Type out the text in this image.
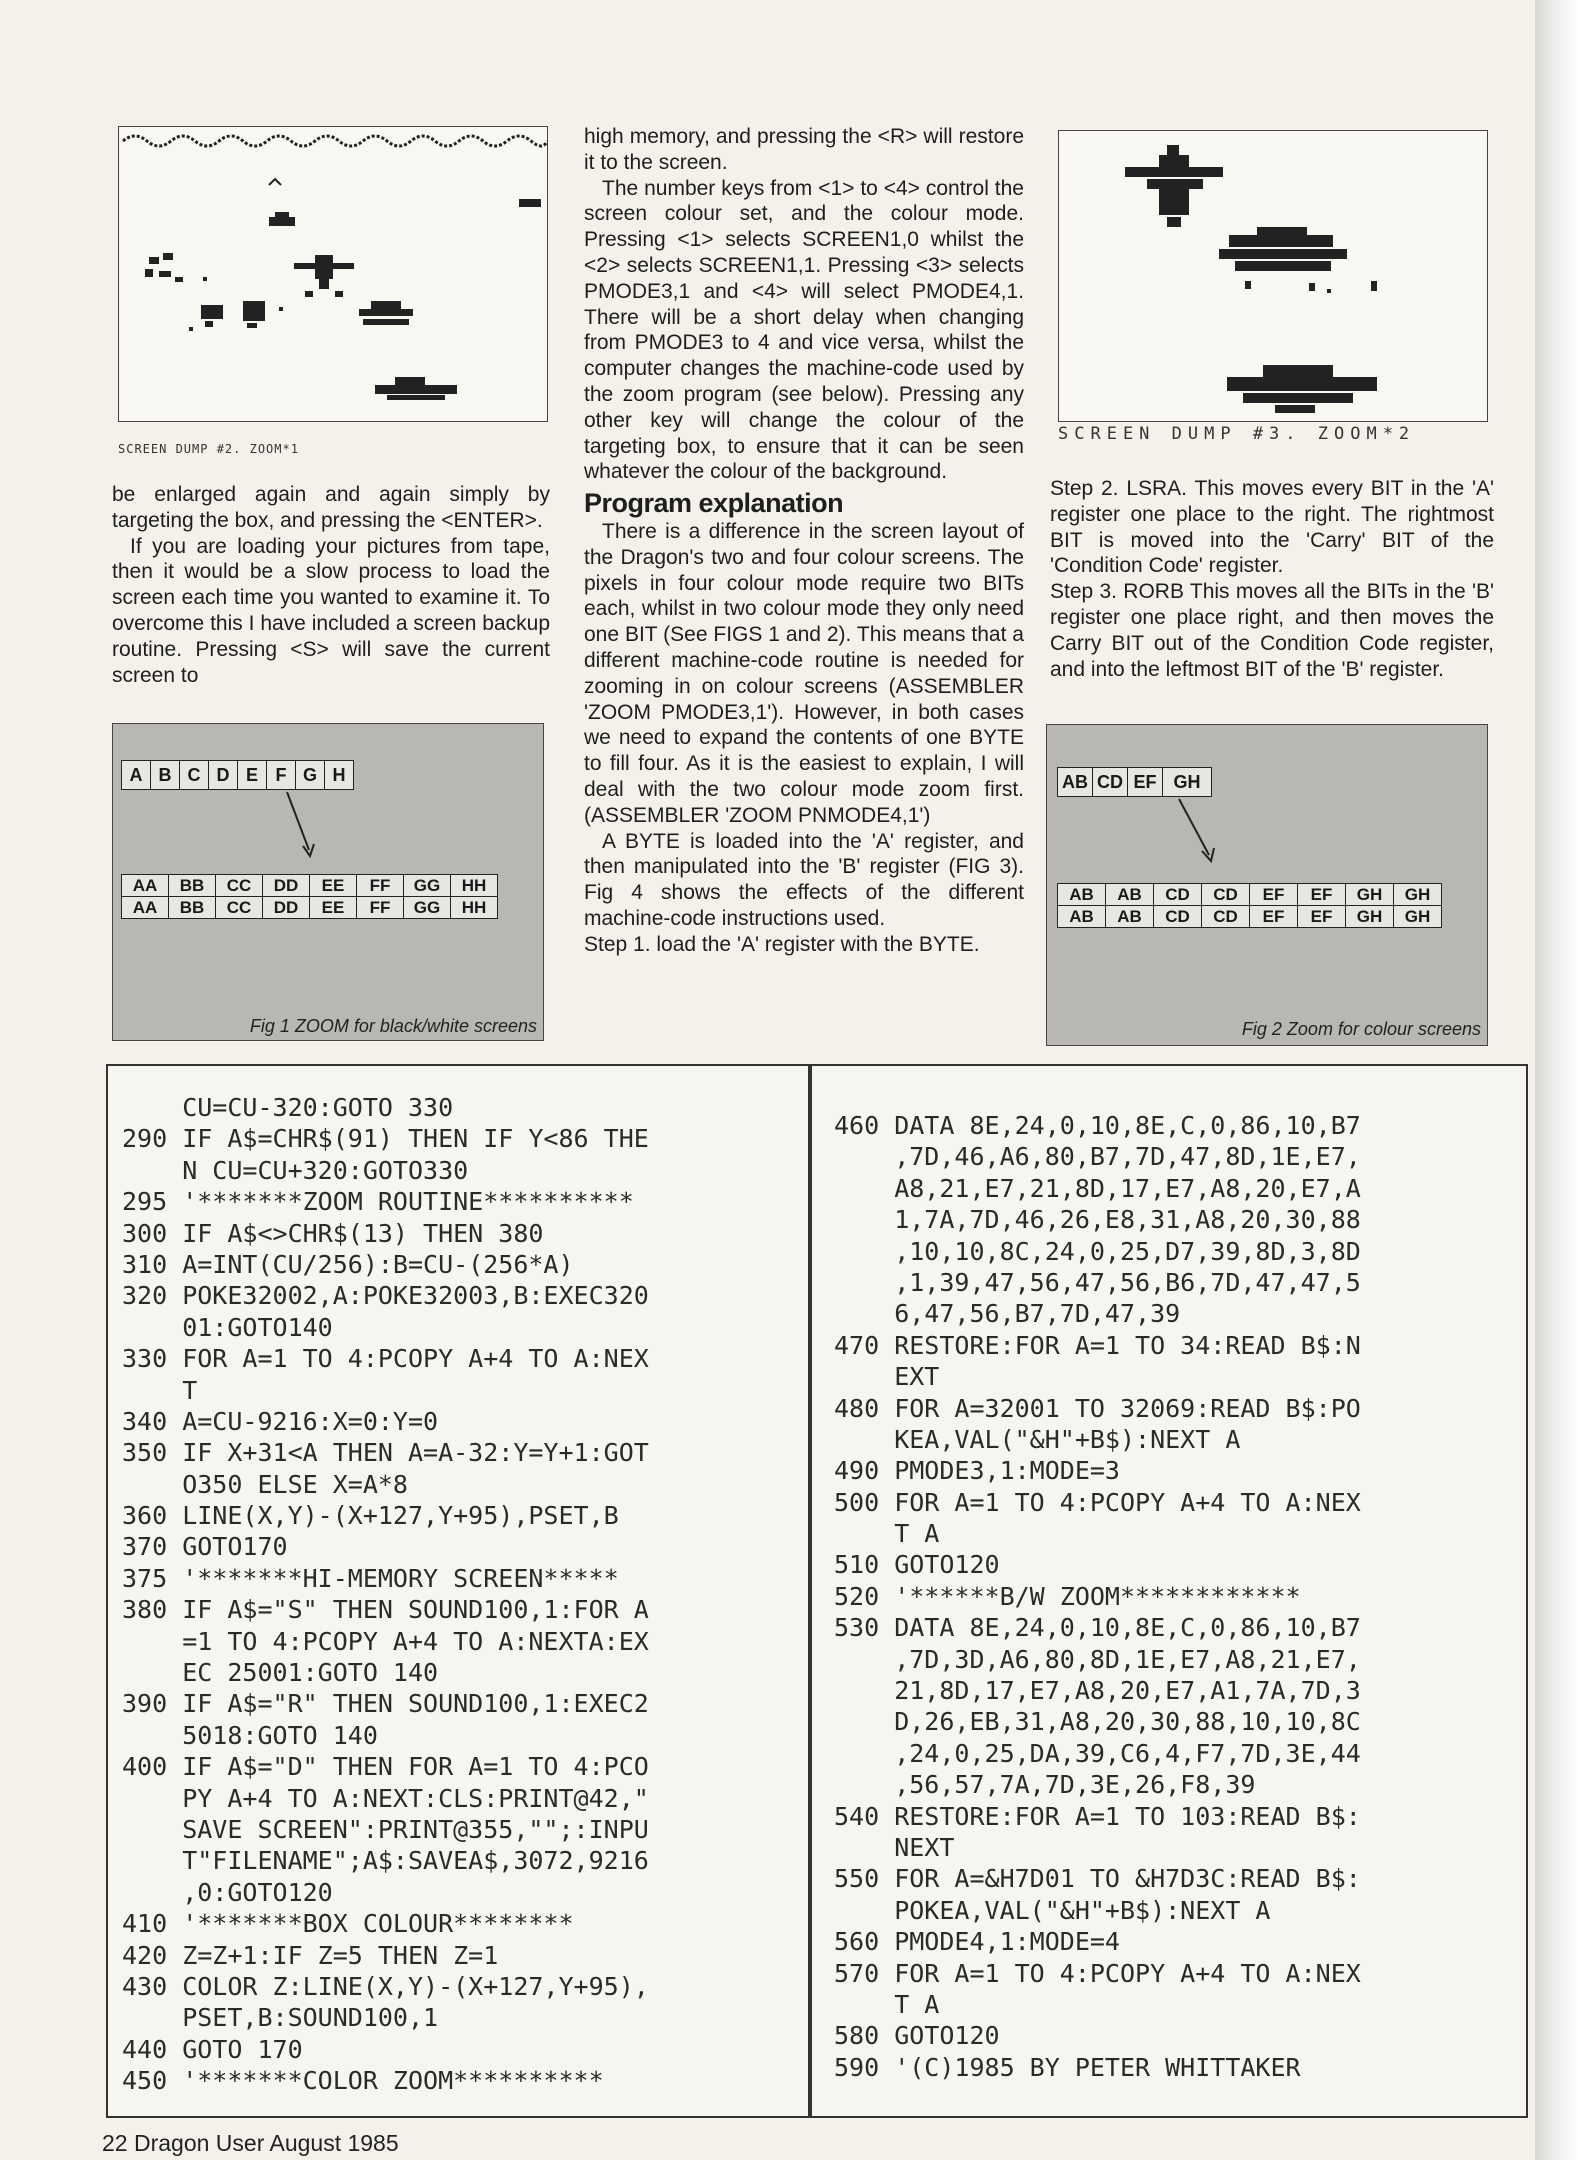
SCREEN DUMP #2. ZOOM*1

be enlarged again and again simply by targeting the box, and pressing the <ENTER>.

If you are loading your pictures from tape, then it would be a slow process to load the screen each time you wanted to examine it. To overcome this I have included a screen backup routine. Pressing <S> will save the current screen to

A B C D E F G H
AA	BB	CC	DD	EE	FF	GG	HH
AA	BB	CC	DD	EE	FF	GG	HH
Fig 1 ZOOM for black/white screens

high memory, and pressing the <R> will restore it to the screen.

The number keys from <1> to <4> control the screen colour set, and the colour mode. Pressing <1> selects SCREEN1,0 whilst the <2> selects SCREEN1,1. Pressing <3> selects PMODE3,1 and <4> will select PMODE4,1. There will be a short delay when changing from PMODE3 to 4 and vice versa, whilst the computer changes the machine-code used by the zoom program (see below). Pressing any other key will change the colour of the targeting box, to ensure that it can be seen whatever the colour of the background.

Program explanation

There is a difference in the screen layout of the Dragon's two and four colour screens. The pixels in four colour mode require two BITs each, whilst in two colour mode they only need one BIT (See FIGS 1 and 2). This means that a different machine-code routine is needed for zooming in on colour screens (ASSEMBLER 'ZOOM PMODE3,1'). However, in both cases we need to expand the contents of one BYTE to fill four. As it is the easiest to explain, I will deal with the two colour mode zoom first. (ASSEMBLER 'ZOOM PNMODE4,1')

A BYTE is loaded into the 'A' register, and then manipulated into the 'B' register (FIG 3). Fig 4 shows the effects of the different machine-code instructions used.

Step 1. load the 'A' register with the BYTE.

SCREEN DUMP #3. ZOOM*2

Step 2. LSRA. This moves every BIT in the 'A' register one place to the right. The rightmost BIT is moved into the 'Carry' BIT of the 'Condition Code' register.

Step 3. RORB This moves all the BITs in the 'B' register one place right, and then moves the Carry BIT out of the Condition Code register, and into the leftmost BIT of the 'B' register.

AB CD EF GH
AB	AB	CD	CD	EF	EF	GH	GH
AB	AB	CD	CD	EF	EF	GH	GH
Fig 2 Zoom for colour screens
CU=CU-320:GOTO 330
290 IF A$=CHR$(91) THEN IF Y<86 THE
N CU=CU+320:GOTO330
295 '*******ZOOM ROUTINE**********
300 IF A$<>CHR$(13) THEN 380
310 A=INT(CU/256):B=CU-(256*A)
320 POKE32002,A:POKE32003,B:EXEC320
01:GOTO140
330 FOR A=1 TO 4:PCOPY A+4 TO A:NEX
T
340 A=CU-9216:X=0:Y=0
350 IF X+31<A THEN A=A-32:Y=Y+1:GOT
O350 ELSE X=A*8
360 LINE(X,Y)-(X+127,Y+95),PSET,B
370 GOTO170
375 '*******HI-MEMORY SCREEN*****
380 IF A$="S" THEN SOUND100,1:FOR A
=1 TO 4:PCOPY A+4 TO A:NEXTA:EX
EC 25001:GOTO 140
390 IF A$="R" THEN SOUND100,1:EXEC2
5018:GOTO 140
400 IF A$="D" THEN FOR A=1 TO 4:PCO
PY A+4 TO A:NEXT:CLS:PRINT@42,"
SAVE SCREEN":PRINT@355,"";:INPU
T"FILENAME";A$:SAVEA$,3072,9216
,0:GOTO120
410 '*******BOX COLOUR********
420 Z=Z+1:IF Z=5 THEN Z=1
430 COLOR Z:LINE(X,Y)-(X+127,Y+95),
PSET,B:SOUND100,1
440 GOTO 170
450 '*******COLOR ZOOM**********
460 DATA 8E,24,0,10,8E,C,0,86,10,B7
,7D,46,A6,80,B7,7D,47,8D,1E,E7,
A8,21,E7,21,8D,17,E7,A8,20,E7,A
1,7A,7D,46,26,E8,31,A8,20,30,88
,10,10,8C,24,0,25,D7,39,8D,3,8D
,1,39,47,56,47,56,B6,7D,47,47,5
6,47,56,B7,7D,47,39
470 RESTORE:FOR A=1 TO 34:READ B$:N
EXT
480 FOR A=32001 TO 32069:READ B$:PO
KEA,VAL("&H"+B$):NEXT A
490 PMODE3,1:MODE=3
500 FOR A=1 TO 4:PCOPY A+4 TO A:NEX
T A
510 GOTO120
520 '******B/W ZOOM************
530 DATA 8E,24,0,10,8E,C,0,86,10,B7
,7D,3D,A6,80,8D,1E,E7,A8,21,E7,
21,8D,17,E7,A8,20,E7,A1,7A,7D,3
D,26,EB,31,A8,20,30,88,10,10,8C
,24,0,25,DA,39,C6,4,F7,7D,3E,44
,56,57,7A,7D,3E,26,F8,39
540 RESTORE:FOR A=1 TO 103:READ B$:
NEXT
550 FOR A=&H7D01 TO &H7D3C:READ B$:
POKEA,VAL("&H"+B$):NEXT A
560 PMODE4,1:MODE=4
570 FOR A=1 TO 4:PCOPY A+4 TO A:NEX
T A
580 GOTO120
590 '(C)1985 BY PETER WHITTAKER
22 Dragon User August 1985
